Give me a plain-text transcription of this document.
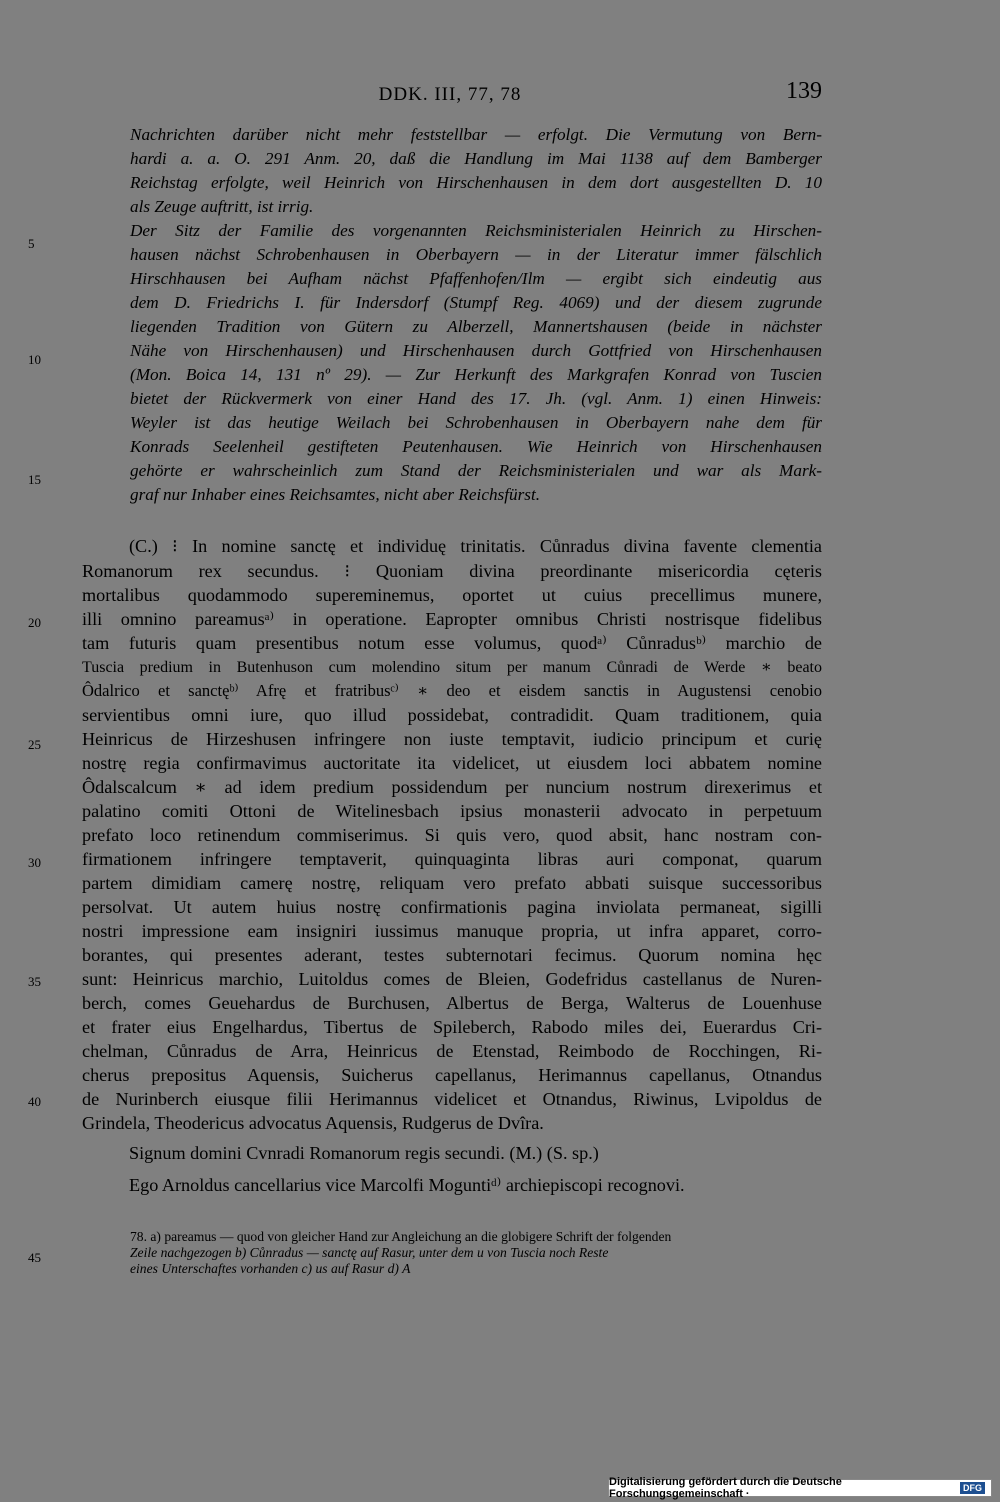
DDK. III, 77, 78	139
Nachrichten darüber nicht mehr feststellbar — erfolgt. Die Vermutung von Bern-
hardi a. a. O. 291 Anm. 20, daß die Handlung im Mai 1138 auf dem Bamberger
Reichstag erfolgte, weil Heinrich von Hirschenhausen in dem dort ausgestellten D. 10
als Zeuge auftritt, ist irrig.
Der Sitz der Familie des vorgenannten Reichsministerialen Heinrich zu Hirschen-
hausen nächst Schrobenhausen in Oberbayern — in der Literatur immer fälschlich
Hirschhausen bei Aufham nächst Pfaffenhofen/Ilm — ergibt sich eindeutig aus
dem D. Friedrichs I. für Indersdorf (Stumpf Reg. 4069) und der diesem zugrunde
liegenden Tradition von Gütern zu Alberzell, Mannertshausen (beide in nächster
Nähe von Hirschenhausen) und Hirschenhausen durch Gottfried von Hirschenhausen
(Mon. Boica 14, 131 nº 29). — Zur Herkunft des Markgrafen Konrad von Tuscien
bietet der Rückvermerk von einer Hand des 17. Jh. (vgl. Anm. 1) einen Hinweis:
Weyler ist das heutige Weilach bei Schrobenhausen in Oberbayern nahe dem für
Konrads Seelenheil gestifteten Peutenhausen. Wie Heinrich von Hirschenhausen
gehörte er wahrscheinlich zum Stand der Reichsministerialen und war als Mark-
graf nur Inhaber eines Reichsamtes, nicht aber Reichsfürst.
(C.) ⁝ In nomine sanctę et individuę trinitatis. Cůnradus divina favente clementia
Romanorum rex secundus. ⁝ Quoniam divina preordinante misericordia cęteris
mortalibus quodammodo supereminemus, oportet ut cuius precellimus munere,
illi omnino pareamusᵃ⁾ in operatione. Eapropter omnibus Christi nostrisque fidelibus
tam futuris quam presentibus notum esse volumus, quodᵃ⁾ Cůnradusᵇ⁾ marchio de
Tuscia predium in Butenhuson cum molendino situm per manum Cůnradi de Werde ∗ beato
Ôdalrico et sanctęᵇ⁾ Afrę et fratribusᶜ⁾ ∗ deo et eisdem sanctis in Augustensi cenobio
servientibus omni iure, quo illud possidebat, contradidit. Quam traditionem, quia
Heinricus de Hirzeshusen infringere non iuste temptavit, iudicio principum et curię
nostrę regia confirmavimus auctoritate ita videlicet, ut eiusdem loci abbatem nomine
Ôdalscalcum ∗ ad idem predium possidendum per nuncium nostrum direxerimus et
palatino comiti Ottoni de Witelinesbach ipsius monasterii advocato in perpetuum
prefato loco retinendum commiserimus. Si quis vero, quod absit, hanc nostram con-
firmationem infringere temptaverit, quinquaginta libras auri componat, quarum
partem dimidiam camerę nostrę, reliquam vero prefato abbati suisque successoribus
persolvat. Ut autem huius nostrę confirmationis pagina inviolata permaneat, sigilli
nostri impressione eam insigniri iussimus manuque propria, ut infra apparet, corro-
borantes, qui presentes aderant, testes subternotari fecimus. Quorum nomina hęc
sunt: Heinricus marchio, Luitoldus comes de Bleien, Godefridus castellanus de Nuren-
berch, comes Geuehardus de Burchusen, Albertus de Berga, Walterus de Louenhuse
et frater eius Engelhardus, Tibertus de Spileberch, Rabodo miles dei, Euerardus Cri-
chelman, Cůnradus de Arra, Heinricus de Etenstad, Reimbodo de Rocchingen, Ri-
cherus prepositus Aquensis, Suicherus capellanus, Herimannus capellanus, Otnandus
de Nurinberch eiusque filii Herimannus videlicet et Otnandus, Riwinus, Lvipoldus de
Grindela, Theodericus advocatus Aquensis, Rudgerus de Dvîra.
Signum domini Cvnradi Romanorum regis secundi. (M.) (S. sp.)
Ego Arnoldus cancellarius vice Marcolfi Moguntiᵈ⁾ archiepiscopi recognovi.
78. a) pareamus — quod von gleicher Hand zur Angleichung an die globigere Schrift der folgenden
Zeile nachgezogen b) Cůnradus — sanctę auf Rasur, unter dem u von Tuscia noch Reste
eines Unterschaftes vorhanden c) us auf Rasur d) A
5
10
15
20
25
30
35
40
45
Digitalisierung gefördert durch die Deutsche Forschungsgemeinschaft ·	DFG
